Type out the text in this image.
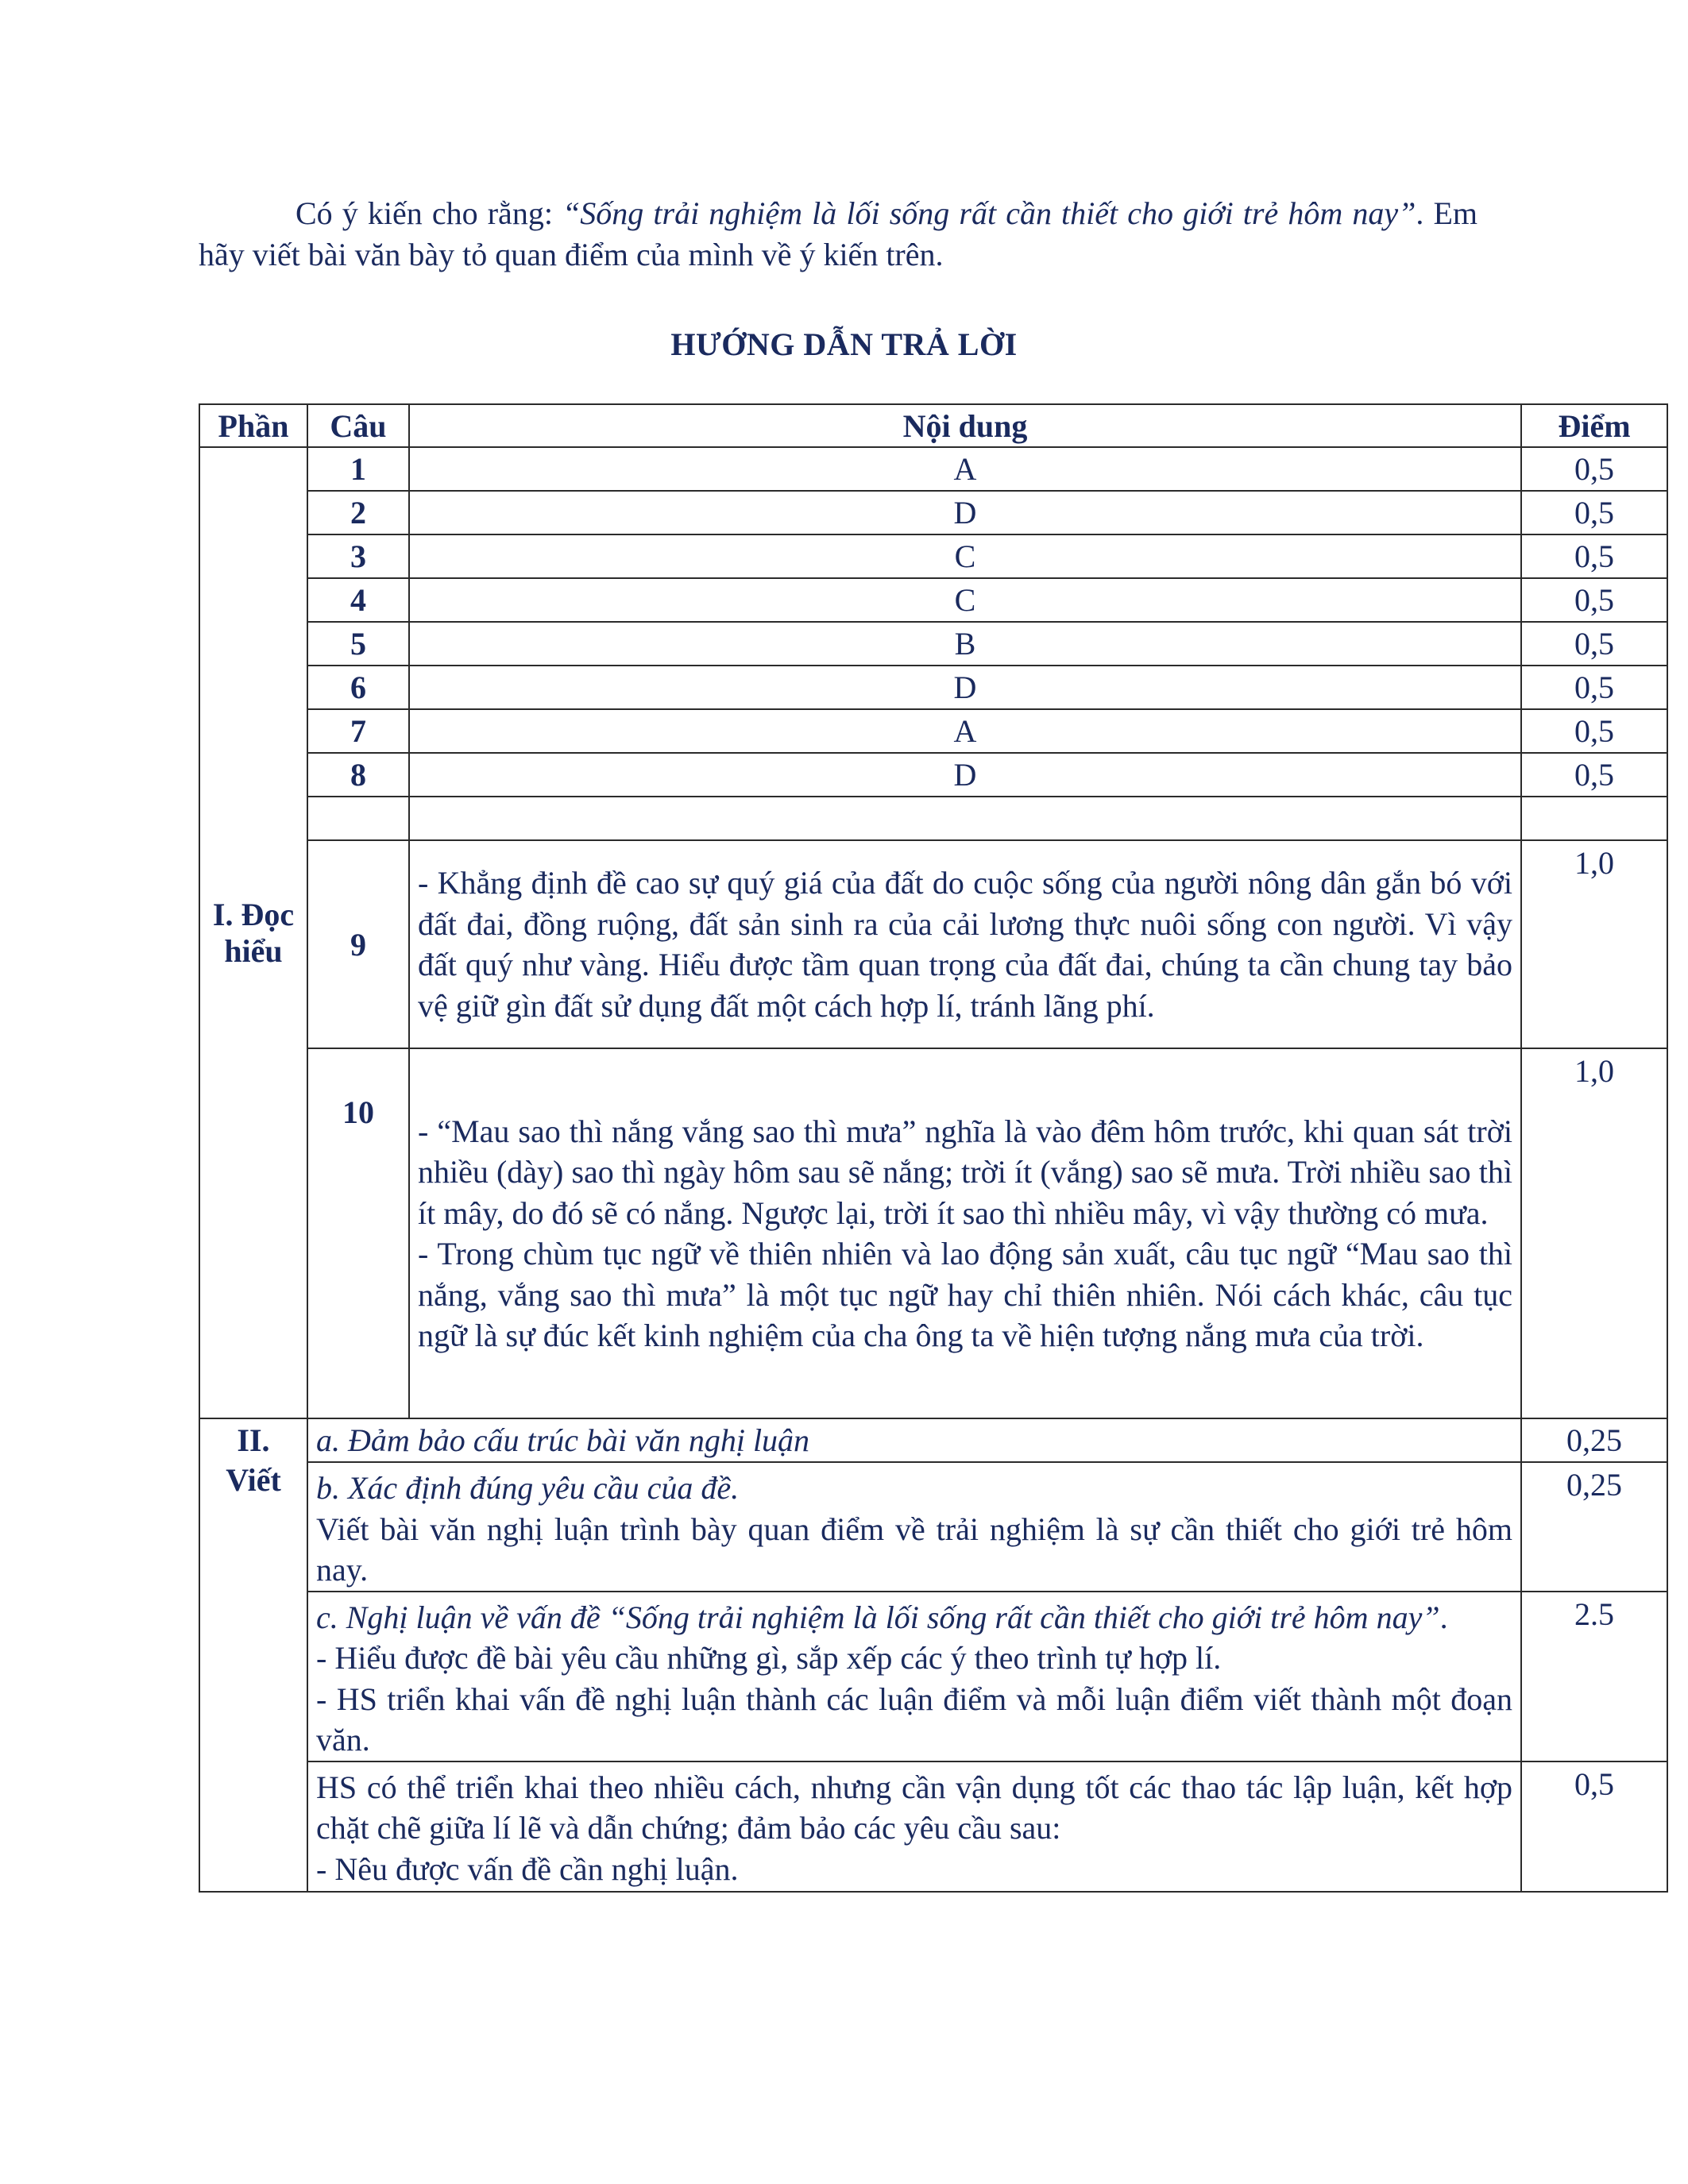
Có ý kiến cho rằng: “Sống trải nghiệm là lối sống rất cần thiết cho giới trẻ hôm nay”. Em hãy viết bài văn bày tỏ quan điểm của mình về ý kiến trên.

HƯỚNG DẪN TRẢ LỜI
Phần	Câu	Nội dung	Điểm
I. Đọc hiểu	1	A	0,5
	2	D	0,5
	3	C	0,5
	4	C	0,5
	5	B	0,5
	6	D	0,5
	7	A	0,5
	8	D	0,5

	9	- Khẳng định đề cao sự quý giá của đất do cuộc sống của người nông dân gắn bó với đất đai, đồng ruộng, đất sản sinh ra của cải lương thực nuôi sống con người. Vì vậy đất quý như vàng. Hiểu được tầm quan trọng của đất đai, chúng ta cần chung tay bảo vệ giữ gìn đất sử dụng đất một cách hợp lí, tránh lãng phí.	1,0
	10	- “Mau sao thì nắng vắng sao thì mưa” nghĩa là vào đêm hôm trước, khi quan sát trời nhiều (dày) sao thì ngày hôm sau sẽ nắng; trời ít (vắng) sao sẽ mưa. Trời nhiều sao thì ít mây, do đó sẽ có nắng. Ngược lại, trời ít sao thì nhiều mây, vì vậy thường có mưa.
- Trong chùm tục ngữ về thiên nhiên và lao động sản xuất, câu tục ngữ “Mau sao thì nắng, vắng sao thì mưa” là một tục ngữ hay chỉ thiên nhiên. Nói cách khác, câu tục ngữ là sự đúc kết kinh nghiệm của cha ông ta về hiện tượng nắng mưa của trời.	1,0

II. Viết	a. Đảm bảo cấu trúc bài văn nghị luận		0,25

	b. Xác định đúng yêu cầu của đề.
Viết bài văn nghị luận trình bày quan điểm về trải nghiệm là sự cần thiết cho giới trẻ hôm nay.		0,25

	c. Nghị luận về vấn đề “Sống trải nghiệm là lối sống rất cần thiết cho giới trẻ hôm nay”.
- Hiểu được đề bài yêu cầu những gì, sắp xếp các ý theo trình tự hợp lí.
- HS triển khai vấn đề nghị luận thành các luận điểm và mỗi luận điểm viết thành một đoạn văn.		2.5

	HS có thể triển khai theo nhiều cách, nhưng cần vận dụng tốt các thao tác lập luận, kết hợp chặt chẽ giữa lí lẽ và dẫn chứng; đảm bảo các yêu cầu sau:
- Nêu được vấn đề cần nghị luận.		0,5
